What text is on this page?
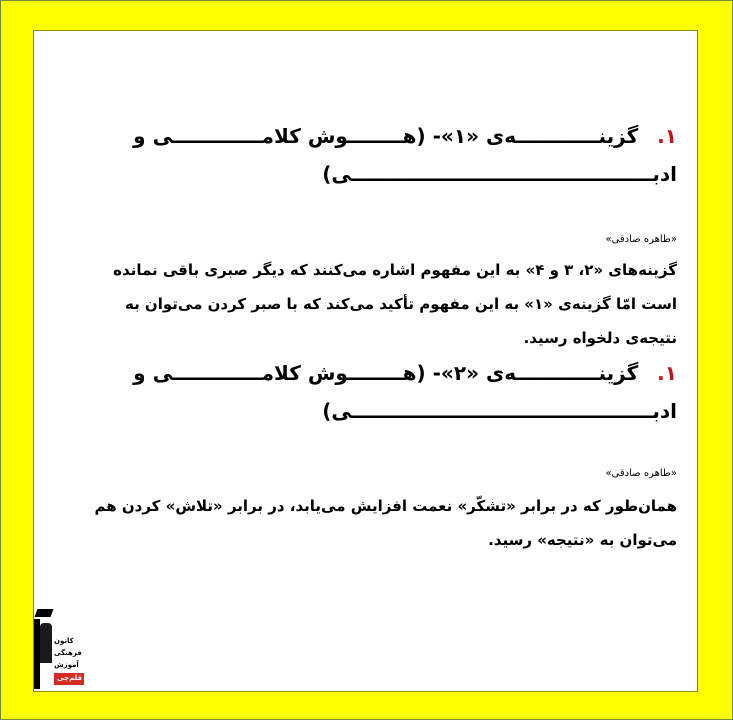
۱. گزینــــــــــــه‌ی «۱»- (هــــــــوش کلامـــــــــــــی و
ادبــــــــــــــــــــــــــــــــــــــــــــی)
«طاهره صادقی»
گزینه‌های «۲، ۳ و ۴» به این مفهوم اشاره می‌کنند که دیگر صبری باقی نمانده است امّا گزینه‌ی «۱» به این مفهوم تأکید می‌کند که با صبر کردن می‌توان به نتیجه‌ی دلخواه رسید.
۱. گزینــــــــــــه‌ی «۲»- (هــــــــوش کلامـــــــــــــی و
ادبــــــــــــــــــــــــــــــــــــــــــــی)
«طاهره صادقی»
همان‌طور که در برابر «تشکّر» نعمت افزایش می‌یابد، در برابر «تلاش» کردن هم می‌توان به «نتیجه» رسید.
کانون
فرهنگی
آموزش
قلم‌چی
